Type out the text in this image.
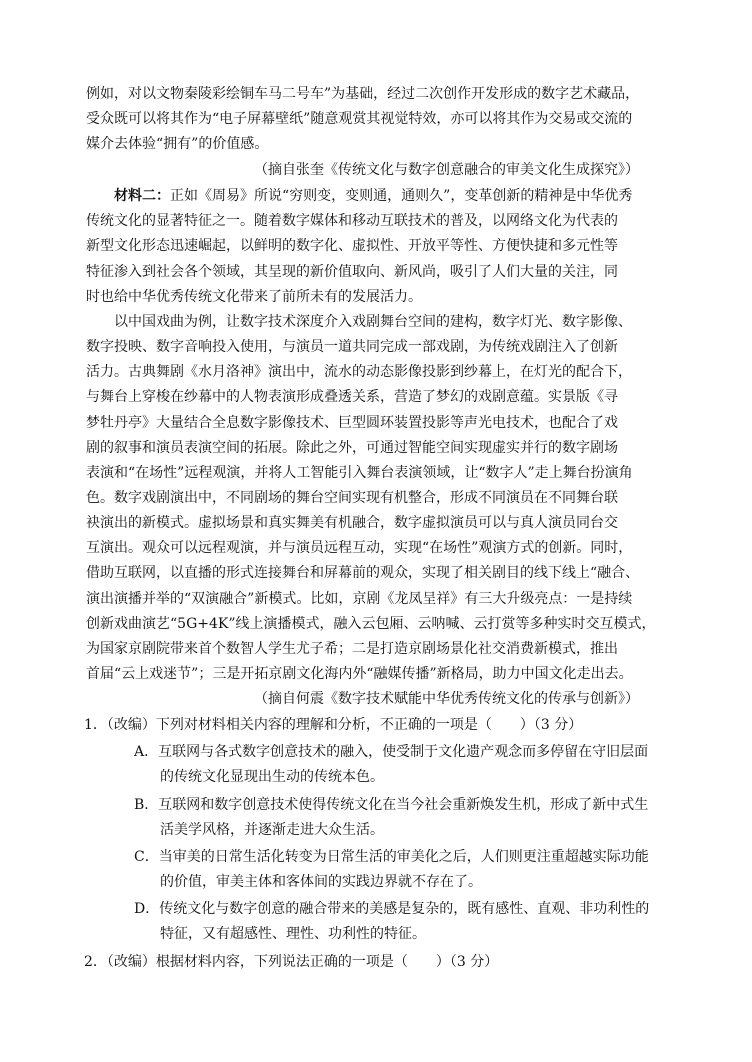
例如，对以文物秦陵彩绘铜车马二号车”为基础，经过二次创作开发形成的数字艺术藏品，
受众既可以将其作为“电子屏幕壁纸”随意观赏其视觉特效，亦可以将其作为交易或交流的
媒介去体验“拥有”的价值感。
（摘自张奎《传统文化与数字创意融合的审美文化生成探究》）
材料二：正如《周易》所说“穷则变，变则通，通则久”，变革创新的精神是中华优秀
传统文化的显著特征之一。随着数字媒体和移动互联技术的普及，以网络文化为代表的
新型文化形态迅速崛起，以鲜明的数字化、虚拟性、开放平等性、方便快捷和多元性等
特征渗入到社会各个领域，其呈现的新价值取向、新风尚，吸引了人们大量的关注，同
时也给中华优秀传统文化带来了前所未有的发展活力。
以中国戏曲为例，让数字技术深度介入戏剧舞台空间的建构，数字灯光、数字影像、
数字投映、数字音响投入使用，与演员一道共同完成一部戏剧，为传统戏剧注入了创新
活力。古典舞剧《水月洛神》演出中，流水的动态影像投影到纱幕上，在灯光的配合下，
与舞台上穿梭在纱幕中的人物表演形成叠透关系，营造了梦幻的戏剧意蕴。实景版《寻
梦牡丹亭》大量结合全息数字影像技术、巨型圆环装置投影等声光电技术，也配合了戏
剧的叙事和演员表演空间的拓展。除此之外，可通过智能空间实现虚实并行的数字剧场
表演和“在场性”远程观演，并将人工智能引入舞台表演领域，让“数字人”走上舞台扮演角
色。数字戏剧演出中，不同剧场的舞台空间实现有机整合，形成不同演员在不同舞台联
袂演出的新模式。虚拟场景和真实舞美有机融合，数字虚拟演员可以与真人演员同台交
互演出。观众可以远程观演，并与演员远程互动，实现“在场性”观演方式的创新。同时，
借助互联网，以直播的形式连接舞台和屏幕前的观众，实现了相关剧目的线下线上“融合、
演出演播并举的“双演融合”新模式。比如，京剧《龙凤呈祥》有三大升级亮点：一是持续
创新戏曲演艺“5G+4K”线上演播模式，融入云包厢、云呐喊、云打赏等多种实时交互模式，
为国家京剧院带来首个数智人学生尤子希；二是打造京剧场景化社交消费新模式，推出
首届“云上戏迷节”；三是开拓京剧文化海内外“融媒传播”新格局，助力中国文化走出去。
（摘自何震《数字技术赋能中华优秀传统文化的传承与创新》）
1．（改编）下列对材料相关内容的理解和分析，不正确的一项是（　　）（3 分）
A．互联网与各式数字创意技术的融入，使受制于文化遗产观念而多停留在守旧层面
的传统文化显现出生动的传统本色。
B．互联网和数字创意技术使得传统文化在当今社会重新焕发生机，形成了新中式生
活美学风格，并逐渐走进大众生活。
C．当审美的日常生活化转变为日常生活的审美化之后，人们则更注重超越实际功能
的价值，审美主体和客体间的实践边界就不存在了。
D．传统文化与数字创意的融合带来的美感是复杂的，既有感性、直观、非功利性的
特征，又有超感性、理性、功利性的特征。
2．（改编）根据材料内容，下列说法正确的一项是（　　）（3 分）
